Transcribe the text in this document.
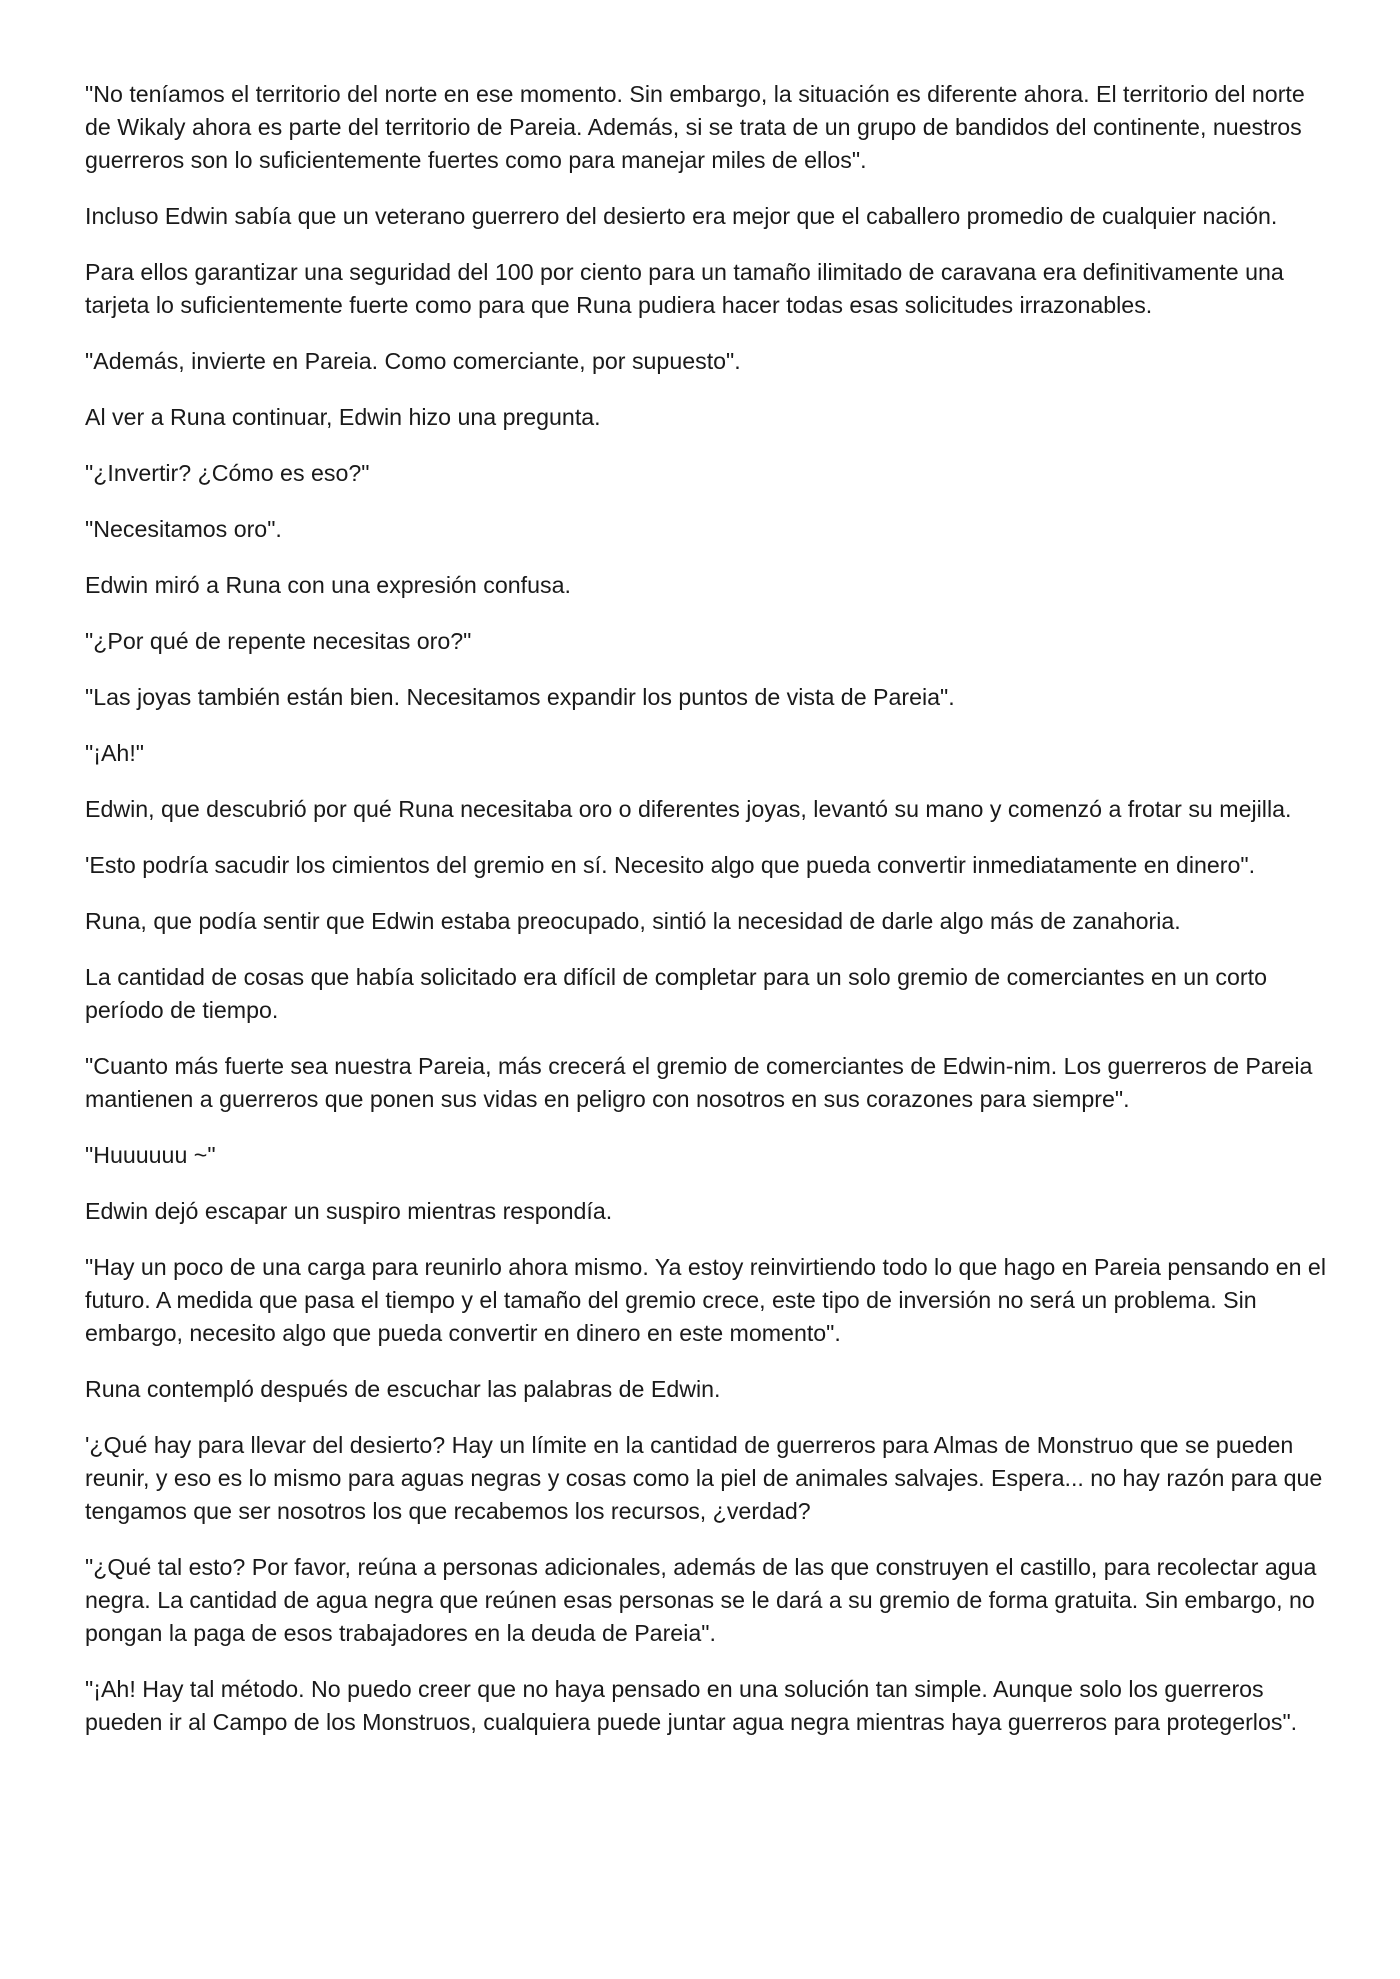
"No teníamos el territorio del norte en ese momento. Sin embargo, la situación es diferente ahora. El territorio del norte de Wikaly ahora es parte del territorio de Pareia. Además, si se trata de un grupo de bandidos del continente, nuestros guerreros son lo suficientemente fuertes como para manejar miles de ellos".

Incluso Edwin sabía que un veterano guerrero del desierto era mejor que el caballero promedio de cualquier nación.

Para ellos garantizar una seguridad del 100 por ciento para un tamaño ilimitado de caravana era definitivamente una tarjeta lo suficientemente fuerte como para que Runa pudiera hacer todas esas solicitudes irrazonables.

"Además, invierte en Pareia. Como comerciante, por supuesto".

Al ver a Runa continuar, Edwin hizo una pregunta.

"¿Invertir? ¿Cómo es eso?"

"Necesitamos oro".

Edwin miró a Runa con una expresión confusa.

"¿Por qué de repente necesitas oro?"

"Las joyas también están bien. Necesitamos expandir los puntos de vista de Pareia".

"¡Ah!"

Edwin, que descubrió por qué Runa necesitaba oro o diferentes joyas, levantó su mano y comenzó a frotar su mejilla.

'Esto podría sacudir los cimientos del gremio en sí. Necesito algo que pueda convertir inmediatamente en dinero".

Runa, que podía sentir que Edwin estaba preocupado, sintió la necesidad de darle algo más de zanahoria.

La cantidad de cosas que había solicitado era difícil de completar para un solo gremio de comerciantes en un corto período de tiempo.

"Cuanto más fuerte sea nuestra Pareia, más crecerá el gremio de comerciantes de Edwin-nim. Los guerreros de Pareia mantienen a guerreros que ponen sus vidas en peligro con nosotros en sus corazones para siempre".

"Huuuuuu ~"

Edwin dejó escapar un suspiro mientras respondía.

"Hay un poco de una carga para reunirlo ahora mismo. Ya estoy reinvirtiendo todo lo que hago en Pareia pensando en el futuro. A medida que pasa el tiempo y el tamaño del gremio crece, este tipo de inversión no será un problema. Sin embargo, necesito algo que pueda convertir en dinero en este momento".

Runa contempló después de escuchar las palabras de Edwin.

'¿Qué hay para llevar del desierto? Hay un límite en la cantidad de guerreros para Almas de Monstruo que se pueden reunir, y eso es lo mismo para aguas negras y cosas como la piel de animales salvajes. Espera... no hay razón para que tengamos que ser nosotros los que recabemos los recursos, ¿verdad?

"¿Qué tal esto? Por favor, reúna a personas adicionales, además de las que construyen el castillo, para recolectar agua negra. La cantidad de agua negra que reúnen esas personas se le dará a su gremio de forma gratuita. Sin embargo, no pongan la paga de esos trabajadores en la deuda de Pareia".

"¡Ah! Hay tal método. No puedo creer que no haya pensado en una solución tan simple. Aunque solo los guerreros pueden ir al Campo de los Monstruos, cualquiera puede juntar agua negra mientras haya guerreros para protegerlos".
